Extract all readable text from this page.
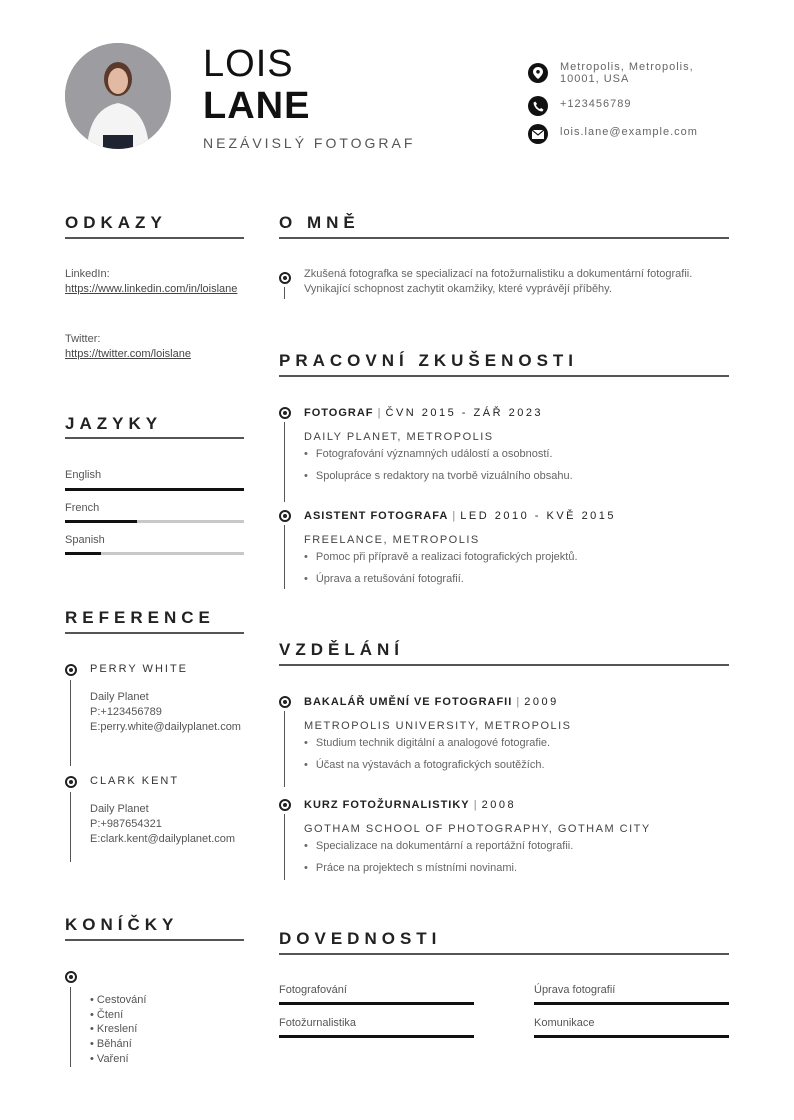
LOIS
LANE
NEZÁVISLÝ FOTOGRAF
Metropolis, Metropolis, 10001, USA
+123456789
lois.lane@example.com
ODKAZY
LinkedIn:
https://www.linkedin.com/in/loislane
Twitter:
https://twitter.com/loislane
JAZYKY
English
French
Spanish
REFERENCE
PERRY WHITE
Daily Planet
P:+123456789
E:perry.white@dailyplanet.com
CLARK KENT
Daily Planet
P:+987654321
E:clark.kent@dailyplanet.com
KONÍČKY
• Cestování
• Čtení
• Kreslení
• Běhání
• Vaření
O MNĚ
Zkušená fotografka se specializací na fotožurnalistiku a dokumentární fotografii. Vynikající schopnost zachytit okamžiky, které vyprávějí příběhy.
PRACOVNÍ ZKUŠENOSTI
FOTOGRAF | ČVN 2015 - ZÁŘ 2023
DAILY PLANET, METROPOLIS
• Fotografování významných událostí a osobností.
• Spolupráce s redaktory na tvorbě vizuálního obsahu.
ASISTENT FOTOGRAFA | LED 2010 - KVĚ 2015
FREELANCE, METROPOLIS
• Pomoc při přípravě a realizaci fotografických projektů.
• Úprava a retušování fotografií.
VZDĚLÁNÍ
BAKALÁŘ UMĚNÍ VE FOTOGRAFII | 2009
METROPOLIS UNIVERSITY, METROPOLIS
• Studium technik digitální a analogové fotografie.
• Účast na výstavách a fotografických soutěžích.
KURZ FOTOŽURNALISTIKY | 2008
GOTHAM SCHOOL OF PHOTOGRAPHY, GOTHAM CITY
• Specializace na dokumentární a reportážní fotografii.
• Práce na projektech s místními novinami.
DOVEDNOSTI
Fotografování	Úprava fotografií
Fotožurnalistika	Komunikace
